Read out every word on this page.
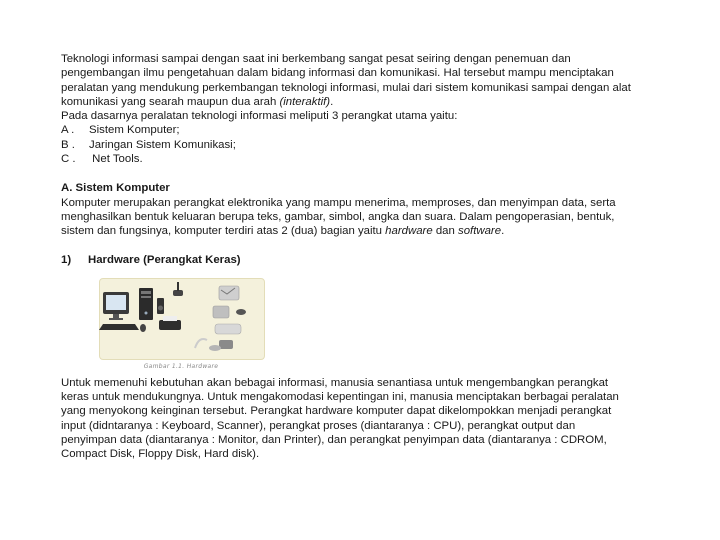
Teknologi informasi sampai dengan saat ini berkembang sangat pesat seiring dengan penemuan dan

pengembangan ilmu pengetahuan dalam bidang informasi dan komunikasi. Hal tersebut mampu menciptakan

peralatan yang mendukung perkembangan teknologi informasi, mulai dari sistem komunikasi sampai dengan alat

komunikasi yang searah maupun dua arah (interaktif).

Pada dasarnya peralatan teknologi informasi meliputi 3 perangkat utama yaitu:

A .	Sistem Komputer;
B .	Jaringan Sistem Komunikasi;
C .	Net Tools.

A. Sistem Komputer

Komputer merupakan perangkat elektronika yang mampu menerima, memproses, dan menyimpan data, serta

menghasilkan bentuk keluaran berupa teks, gambar, simbol, angka dan suara. Dalam pengoperasian, bentuk,

sistem dan fungsinya, komputer terdiri atas 2 (dua) bagian yaitu hardware dan software.

1)	Hardware (Perangkat Keras)
Gambar 1.1. Hardware

Untuk memenuhi kebutuhan akan bebagai informasi, manusia senantiasa untuk mengembangkan perangkat

keras untuk mendukungnya. Untuk mengakomodasi kepentingan ini, manusia menciptakan berbagai peralatan

yang menyokong keinginan tersebut. Perangkat hardware komputer dapat dikelompokkan menjadi perangkat

input (didntaranya : Keyboard, Scanner), perangkat proses (diantaranya : CPU), perangkat output dan

penyimpan data (diantaranya : Monitor, dan Printer), dan perangkat penyimpan data (diantaranya : CDROM,

Compact Disk, Floppy Disk, Hard disk).
